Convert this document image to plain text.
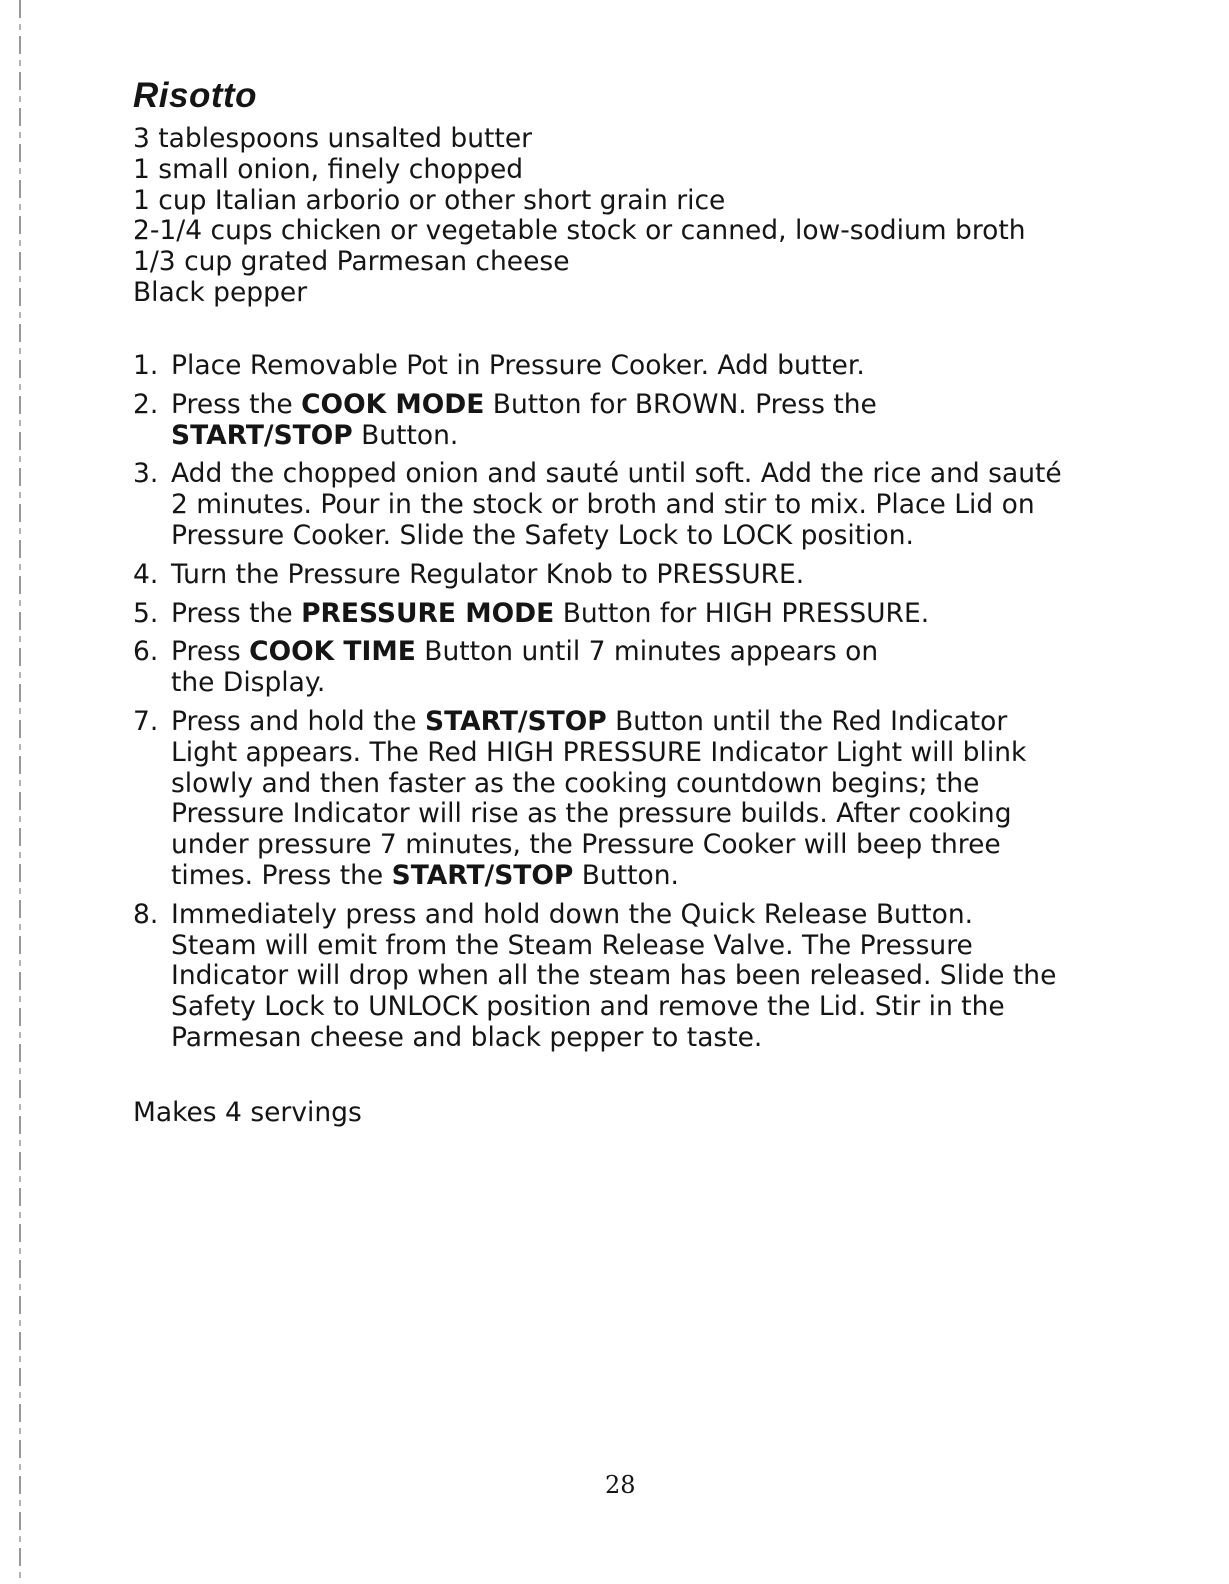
Risotto
3 tablespoons unsalted butter
1 small onion, finely chopped
1 cup Italian arborio or other short grain rice
2-1/4 cups chicken or vegetable stock or canned, low-sodium broth
1/3 cup grated Parmesan cheese
Black pepper
1. Place Removable Pot in Pressure Cooker. Add butter.
2. Press the COOK MODE Button for BROWN. Press the
START/STOP Button.
3. Add the chopped onion and sauté until soft. Add the rice and sauté
2 minutes. Pour in the stock or broth and stir to mix. Place Lid on
Pressure Cooker. Slide the Safety Lock to LOCK position.
4. Turn the Pressure Regulator Knob to PRESSURE.
5. Press the PRESSURE MODE Button for HIGH PRESSURE.
6. Press COOK TIME Button until 7 minutes appears on
the Display.
7. Press and hold the START/STOP Button until the Red Indicator
Light appears. The Red HIGH PRESSURE Indicator Light will blink
slowly and then faster as the cooking countdown begins; the
Pressure Indicator will rise as the pressure builds. After cooking
under pressure 7 minutes, the Pressure Cooker will beep three
times. Press the START/STOP Button.
8. Immediately press and hold down the Quick Release Button.
Steam will emit from the Steam Release Valve. The Pressure
Indicator will drop when all the steam has been released. Slide the
Safety Lock to UNLOCK position and remove the Lid. Stir in the
Parmesan cheese and black pepper to taste.
Makes 4 servings
28
